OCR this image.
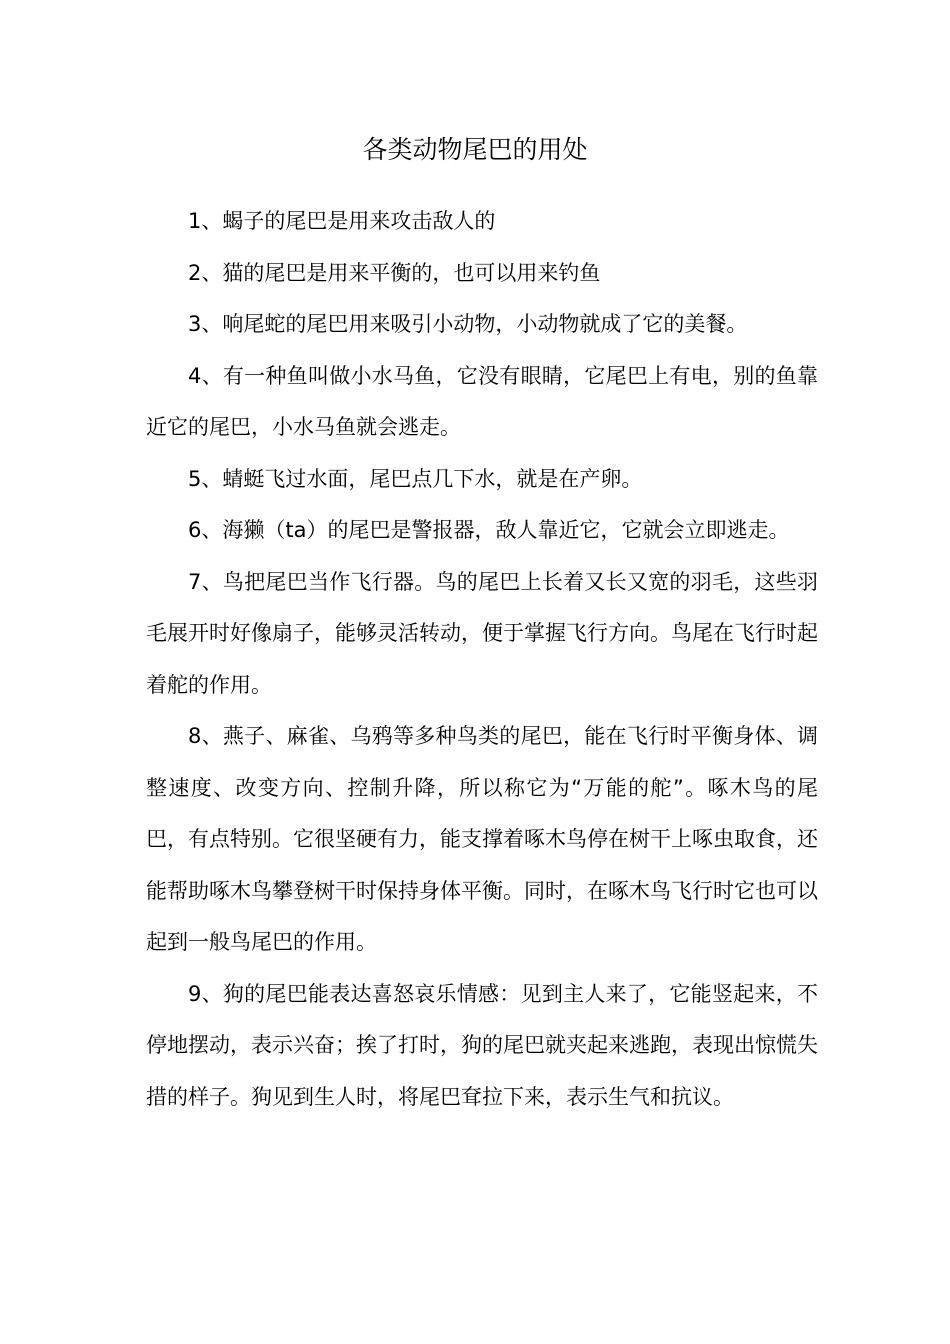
各类动物尾巴的用处

1、蝎子的尾巴是用来攻击敌人的

2、猫的尾巴是用来平衡的，也可以用来钓鱼

3、响尾蛇的尾巴用来吸引小动物，小动物就成了它的美餐。

4、有一种鱼叫做小水马鱼，它没有眼睛，它尾巴上有电，别的鱼靠近它的尾巴，小水马鱼就会逃走。

5、蜻蜓飞过水面，尾巴点几下水，就是在产卵。

6、海獭（ta）的尾巴是警报器，敌人靠近它，它就会立即逃走。

7、鸟把尾巴当作飞行器。鸟的尾巴上长着又长又宽的羽毛，这些羽毛展开时好像扇子，能够灵活转动，便于掌握飞行方向。鸟尾在飞行时起着舵的作用。

8、燕子、麻雀、乌鸦等多种鸟类的尾巴，能在飞行时平衡身体、调整速度、改变方向、控制升降，所以称它为“万能的舵”。啄木鸟的尾巴，有点特别。它很坚硬有力，能支撑着啄木鸟停在树干上啄虫取食，还能帮助啄木鸟攀登树干时保持身体平衡。同时，在啄木鸟飞行时它也可以起到一般鸟尾巴的作用。

9、狗的尾巴能表达喜怒哀乐情感：见到主人来了，它能竖起来，不停地摆动，表示兴奋；挨了打时，狗的尾巴就夹起来逃跑，表现出惊慌失措的样子。狗见到生人时，将尾巴耷拉下来，表示生气和抗议。
